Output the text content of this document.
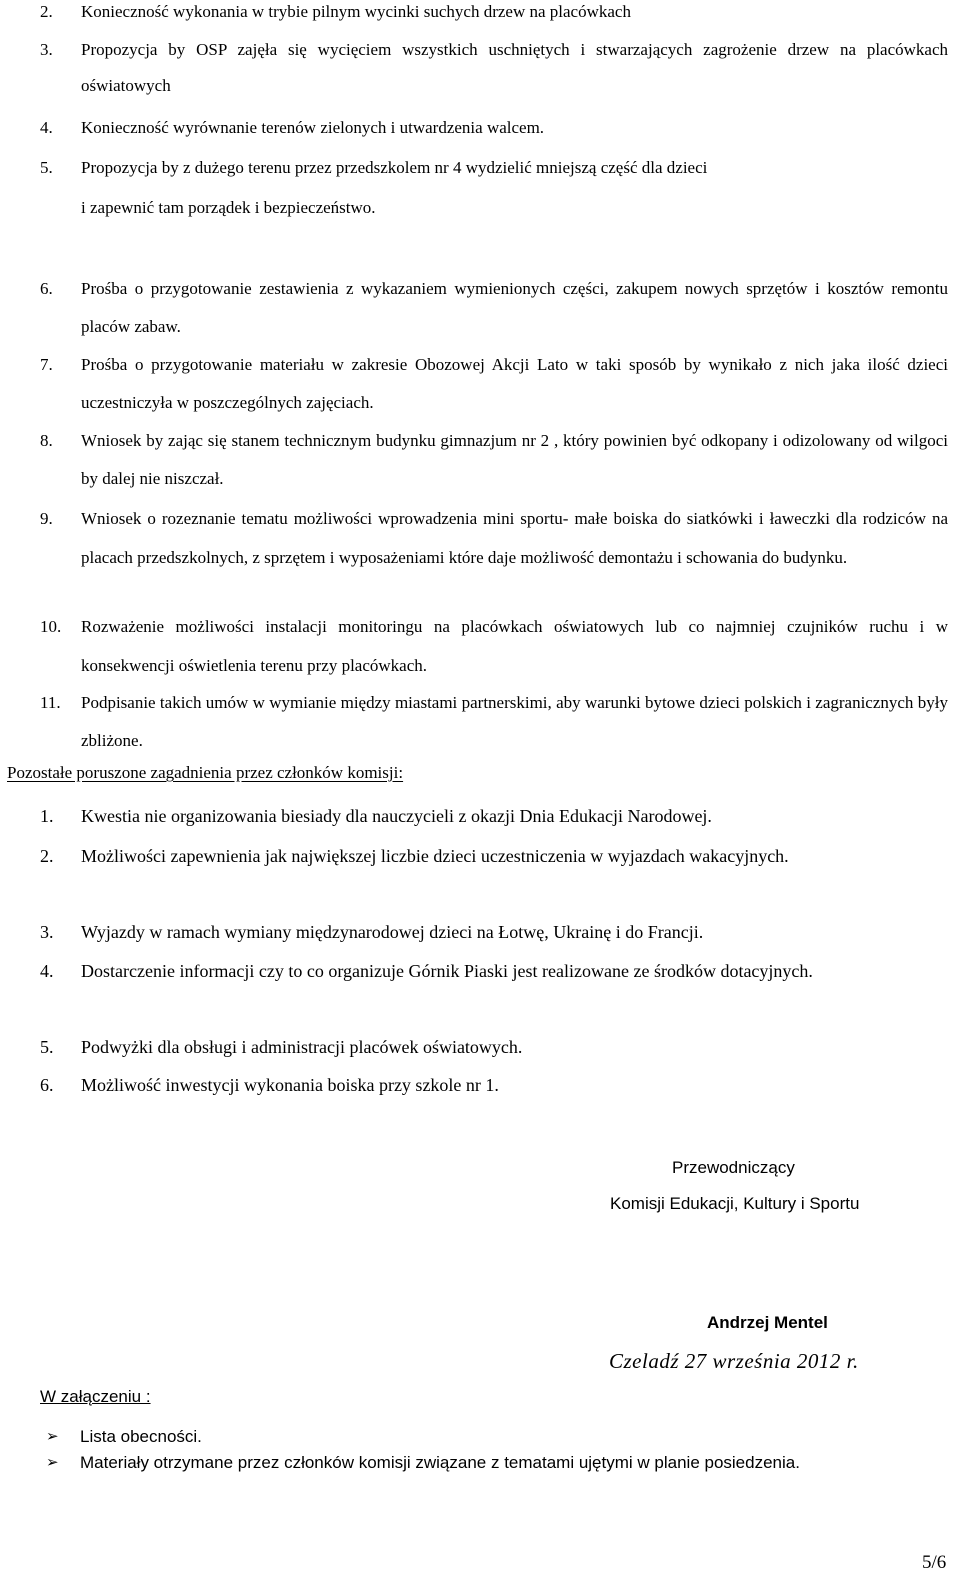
2. Konieczność wykonania w trybie pilnym wycinki suchych drzew na placówkach
3. Propozycja by OSP zajęła się wycięciem wszystkich uschniętych i stwarzających zagrożenie drzew na placówkach oświatowych
4. Konieczność wyrównanie terenów zielonych i utwardzenia walcem.
5. Propozycja by z dużego terenu przez przedszkolem nr 4 wydzielić mniejszą część dla dzieci
i zapewnić tam porządek i bezpieczeństwo.
6. Prośba o przygotowanie zestawienia z wykazaniem wymienionych części, zakupem nowych sprzętów i kosztów remontu placów zabaw.
7. Prośba o przygotowanie materiału w zakresie Obozowej Akcji Lato w taki sposób by wynikało z nich jaka ilość dzieci uczestniczyła w poszczególnych zajęciach.
8. Wniosek by zając się stanem technicznym budynku gimnazjum nr 2 , który powinien być odkopany i odizolowany od wilgoci by dalej nie niszczał.
9. Wniosek o rozeznanie tematu możliwości wprowadzenia mini sportu- małe boiska do siatkówki i ławeczki dla rodziców na placach przedszkolnych, z sprzętem i wyposażeniami które daje możliwość demontażu i schowania do budynku.
10. Rozważenie możliwości instalacji monitoringu na placówkach oświatowych lub co najmniej czujników ruchu i w konsekwencji oświetlenia terenu przy placówkach.
11. Podpisanie takich umów w wymianie między miastami partnerskimi, aby warunki bytowe dzieci polskich i zagranicznych były zbliżone.
Pozostałe poruszone zagadnienia przez członków komisji:
1. Kwestia nie organizowania biesiady dla nauczycieli z okazji Dnia Edukacji Narodowej.
2. Możliwości zapewnienia jak największej liczbie dzieci uczestniczenia w wyjazdach wakacyjnych.
3. Wyjazdy w ramach wymiany międzynarodowej dzieci na Łotwę, Ukrainę i do Francji.
4. Dostarczenie informacji czy to co organizuje Górnik Piaski jest realizowane ze środków dotacyjnych.
5. Podwyżki dla obsługi i administracji placówek oświatowych.
6. Możliwość inwestycji wykonania boiska przy szkole nr 1.
Przewodniczący
Komisji Edukacji, Kultury i Sportu
Andrzej Mentel
Czeladź 27 września 2012 r.
W załączeniu :
➢ Lista obecności.
➢ Materiały otrzymane przez członków komisji związane z tematami ujętymi w planie posiedzenia.
5/6
